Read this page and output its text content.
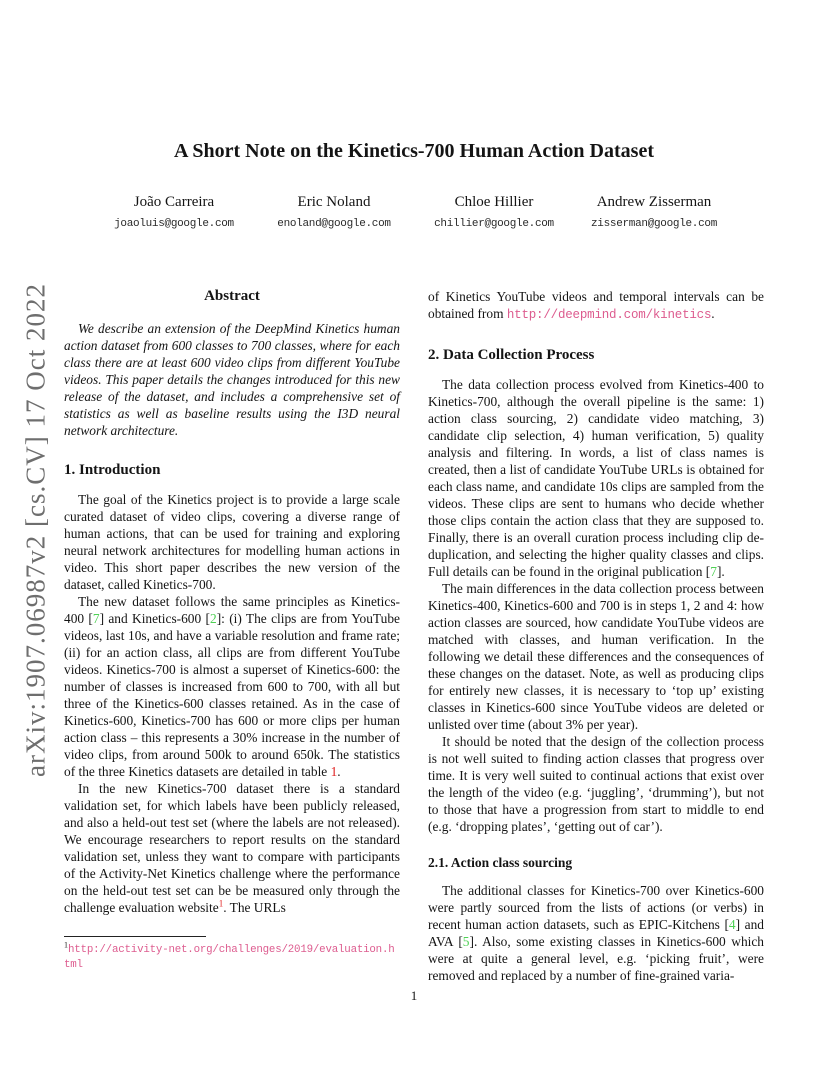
arXiv:1907.06987v2 [cs.CV] 17 Oct 2022
A Short Note on the Kinetics-700 Human Action Dataset
João Carreira
joaoluis@google.com
Eric Noland
enoland@google.com
Chloe Hillier
chillier@google.com
Andrew Zisserman
zisserman@google.com
Abstract

We describe an extension of the DeepMind Kinetics human action dataset from 600 classes to 700 classes, where for each class there are at least 600 video clips from different YouTube videos. This paper details the changes introduced for this new release of the dataset, and includes a comprehensive set of statistics as well as baseline results using the I3D neural network architecture.

1. Introduction

The goal of the Kinetics project is to provide a large scale curated dataset of video clips, covering a diverse range of human actions, that can be used for training and exploring neural network architectures for modelling human actions in video. This short paper describes the new version of the dataset, called Kinetics-700.

The new dataset follows the same principles as Kinetics-400 [7] and Kinetics-600 [2]: (i) The clips are from YouTube videos, last 10s, and have a variable resolution and frame rate; (ii) for an action class, all clips are from different YouTube videos. Kinetics-700 is almost a superset of Kinetics-600: the number of classes is increased from 600 to 700, with all but three of the Kinetics-600 classes retained. As in the case of Kinetics-600, Kinetics-700 has 600 or more clips per human action class – this represents a 30% increase in the number of video clips, from around 500k to around 650k. The statistics of the three Kinetics datasets are detailed in table 1.

In the new Kinetics-700 dataset there is a standard validation set, for which labels have been publicly released, and also a held-out test set (where the labels are not released). We encourage researchers to report results on the standard validation set, unless they want to compare with participants of the Activity-Net Kinetics challenge where the performance on the held-out test set can be be measured only through the challenge evaluation website$^1$. The URLs

$^1$http://activity-net.org/challenges/2019/evaluation.html

of Kinetics YouTube videos and temporal intervals can be obtained from http://deepmind.com/kinetics.

2. Data Collection Process

The data collection process evolved from Kinetics-400 to Kinetics-700, although the overall pipeline is the same: 1) action class sourcing, 2) candidate video matching, 3) candidate clip selection, 4) human verification, 5) quality analysis and filtering. In words, a list of class names is created, then a list of candidate YouTube URLs is obtained for each class name, and candidate 10s clips are sampled from the videos. These clips are sent to humans who decide whether those clips contain the action class that they are supposed to. Finally, there is an overall curation process including clip de-duplication, and selecting the higher quality classes and clips. Full details can be found in the original publication [7].

The main differences in the data collection process between Kinetics-400, Kinetics-600 and 700 is in steps 1, 2 and 4: how action classes are sourced, how candidate YouTube videos are matched with classes, and human verification. In the following we detail these differences and the consequences of these changes on the dataset. Note, as well as producing clips for entirely new classes, it is necessary to ‘top up’ existing classes in Kinetics-600 since YouTube videos are deleted or unlisted over time (about 3% per year).

It should be noted that the design of the collection process is not well suited to finding action classes that progress over time. It is very well suited to continual actions that exist over the length of the video (e.g. ‘juggling’, ‘drumming’), but not to those that have a progression from start to middle to end (e.g. ‘dropping plates’, ‘getting out of car’).

2.1. Action class sourcing

The additional classes for Kinetics-700 over Kinetics-600 were partly sourced from the lists of actions (or verbs) in recent human action datasets, such as EPIC-Kitchens [4] and AVA [5]. Also, some existing classes in Kinetics-600 which were at quite a general level, e.g. ‘picking fruit’, were removed and replaced by a number of fine-grained varia-

1
